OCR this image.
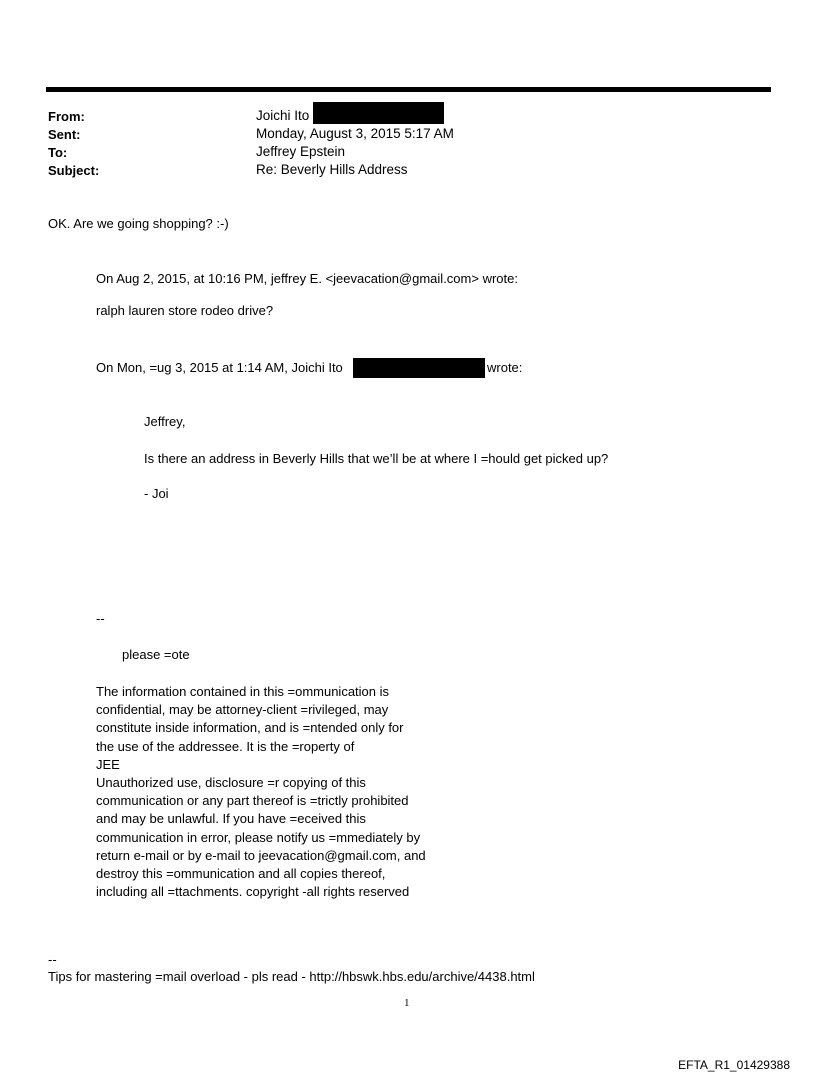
From:	Joichi Ito
Sent:	Monday, August 3, 2015 5:17 AM
To:	Jeffrey Epstein
Subject:	Re: Beverly Hills Address
OK. Are we going shopping? :-)
On Aug 2, 2015, at 10:16 PM, jeffrey E. <jeevacation@gmail.com> wrote:
ralph lauren store rodeo drive?
On Mon, =ug 3, 2015 at 1:14 AM, Joichi Ito	wrote:
Jeffrey,
Is there an address in Beverly Hills that we’ll be at where I =hould get picked up?
- Joi
--
please =ote
The information contained in this =ommunication is
confidential, may be attorney-client =rivileged, may
constitute inside information, and is =ntended only for
the use of the addressee. It is the =roperty of
JEE
Unauthorized use, disclosure =r copying of this
communication or any part thereof is =trictly prohibited
and may be unlawful. If you have =eceived this
communication in error, please notify us =mmediately by
return e-mail or by e-mail to jeevacation@gmail.com, and
destroy this =ommunication and all copies thereof,
including all =ttachments. copyright -all rights reserved
--
Tips for mastering =mail overload - pls read - http://hbswk.hbs.edu/archive/4438.html
1
EFTA_R1_01429388
